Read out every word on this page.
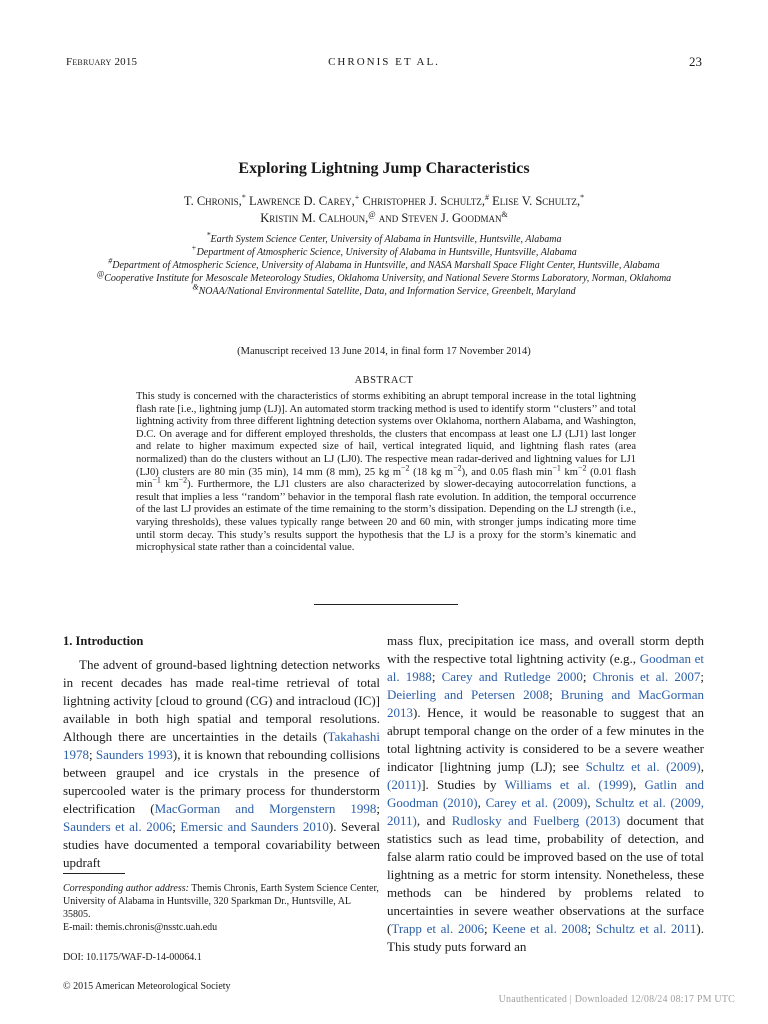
February 2015	CHRONIS ET AL.	23
Exploring Lightning Jump Characteristics
T. Chronis,* Lawrence D. Carey,+ Christopher J. Schultz,# Elise V. Schultz,*
Kristin M. Calhoun,@ and Steven J. Goodman&
*Earth System Science Center, University of Alabama in Huntsville, Huntsville, Alabama
+Department of Atmospheric Science, University of Alabama in Huntsville, Huntsville, Alabama
#Department of Atmospheric Science, University of Alabama in Huntsville, and NASA Marshall Space Flight Center, Huntsville, Alabama
@Cooperative Institute for Mesoscale Meteorology Studies, Oklahoma University, and National Severe Storms Laboratory, Norman, Oklahoma
&NOAA/National Environmental Satellite, Data, and Information Service, Greenbelt, Maryland
(Manuscript received 13 June 2014, in final form 17 November 2014)
ABSTRACT
This study is concerned with the characteristics of storms exhibiting an abrupt temporal increase in the total lightning flash rate [i.e., lightning jump (LJ)]. An automated storm tracking method is used to identify storm ‘‘clusters’’ and total lightning activity from three different lightning detection systems over Oklahoma, northern Alabama, and Washington, D.C. On average and for different employed thresholds, the clusters that encompass at least one LJ (LJ1) last longer and relate to higher maximum expected size of hail, vertical integrated liquid, and lightning flash rates (area normalized) than do the clusters without an LJ (LJ0). The respective mean radar-derived and lightning values for LJ1 (LJ0) clusters are 80 min (35 min), 14 mm (8 mm), 25 kg $m^{-2}$ (18 kg $m^{-2}$), and 0.05 flash $\min^{-1} km^{-2}$ (0.01 flash $\min^{-1} km^{-2}$). Furthermore, the LJ1 clusters are also characterized by slower-decaying autocorrelation functions, a result that implies a less ‘‘random’’ behavior in the temporal flash rate evolution. In addition, the temporal occurrence of the last LJ provides an estimate of the time remaining to the storm’s dissipation. Depending on the LJ strength (i.e., varying thresholds), these values typically range between 20 and 60 min, with stronger jumps indicating more time until storm decay. This study’s results support the hypothesis that the LJ is a proxy for the storm’s kinematic and microphysical state rather than a coincidental value.
1. Introduction

The advent of ground-based lightning detection networks in recent decades has made real-time retrieval of total lightning activity [cloud to ground (CG) and intracloud (IC)] available in both high spatial and temporal resolutions. Although there are uncertainties in the details (Takahashi 1978; Saunders 1993), it is known that rebounding collisions between graupel and ice crystals in the presence of supercooled water is the primary process for thunderstorm electrification (MacGorman and Morgenstern 1998; Saunders et al. 2006; Emersic and Saunders 2010). Several studies have documented a temporal covariability between updraft

mass flux, precipitation ice mass, and overall storm depth with the respective total lightning activity (e.g., Goodman et al. 1988; Carey and Rutledge 2000; Chronis et al. 2007; Deierling and Petersen 2008; Bruning and MacGorman 2013). Hence, it would be reasonable to suggest that an abrupt temporal change on the order of a few minutes in the total lightning activity is considered to be a severe weather indicator [lightning jump (LJ); see Schultz et al. (2009), (2011)]. Studies by Williams et al. (1999), Gatlin and Goodman (2010), Carey et al. (2009), Schultz et al. (2009, 2011), and Rudlosky and Fuelberg (2013) document that statistics such as lead time, probability of detection, and false alarm ratio could be improved based on the use of total lightning as a metric for storm intensity. Nonetheless, these methods can be hindered by problems related to uncertainties in severe weather observations at the surface (Trapp et al. 2006; Keene et al. 2008; Schultz et al. 2011). This study puts forward an

Corresponding author address: Themis Chronis, Earth System Science Center, University of Alabama in Huntsville, 320 Sparkman Dr., Huntsville, AL 35805.
E-mail: themis.chronis@nsstc.uah.edu
DOI: 10.1175/WAF-D-14-00064.1
© 2015 American Meteorological Society
Unauthenticated | Downloaded 12/08/24 08:17 PM UTC
